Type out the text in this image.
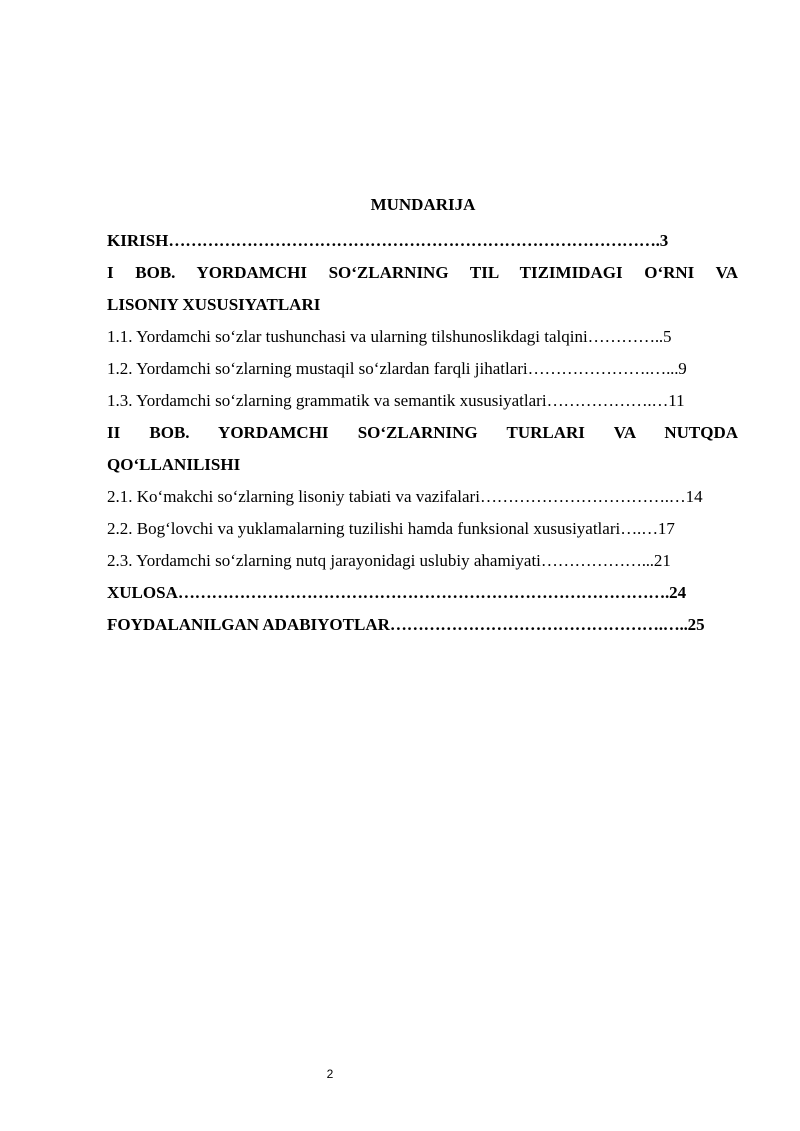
MUNDARIJA
KIRISH…………………………………………………………………………….3
I BOB. YORDAMCHI SO‘ZLARNING TIL TIZIMIDAGI O‘RNI VA
LISONIY XUSUSIYATLARI
1.1. Yordamchi so‘zlar tushunchasi va ularning tilshunoslikdagi talqini…………..5
1.2. Yordamchi so‘zlarning mustaqil so‘zlardan farqli jihatlari………………….…...9
1.3. Yordamchi so‘zlarning grammatik va semantik xususiyatlari……………….…11
II BOB. YORDAMCHI SO‘ZLARNING TURLARI VA NUTQDA
QO‘LLANILISHI
2.1. Ko‘makchi so‘zlarning lisoniy tabiati va vazifalari…………………………….…14
2.2. Bog‘lovchi va yuklamalarning tuzilishi hamda funksional xususiyatlari….…17
2.3. Yordamchi so‘zlarning nutq jarayonidagi uslubiy ahamiyati………………...21
XULOSA…………………………………………………………………………….24
FOYDALANILGAN ADABIYOTLAR………………………………………….…..25
2
